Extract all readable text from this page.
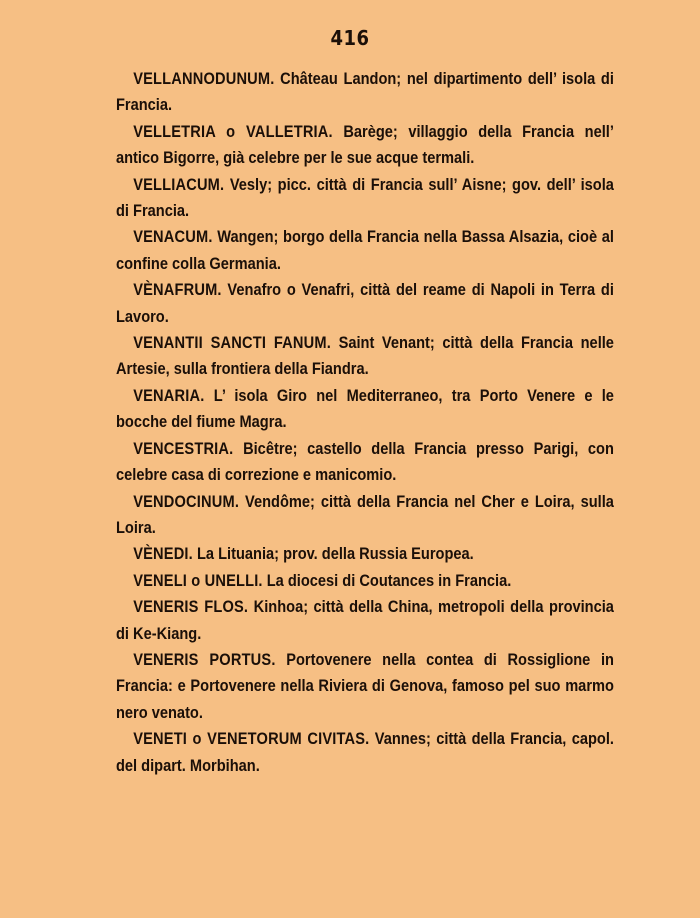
416

VELLANNODUNUM. Château Landon; nel dipartimento dell’ isola di Francia.

VELLETRIA o VALLETRIA. Barège; villaggio della Francia nell’ antico Bigorre, già celebre per le sue acque termali.

VELLIACUM. Vesly; picc. città di Francia sull’ Aisne; gov. dell’ isola di Francia.

VENACUM. Wangen; borgo della Francia nella Bassa Alsazia, cioè al confine colla Germania.

VÈNAFRUM. Venafro o Venafri, città del reame di Napoli in Terra di Lavoro.

VENANTII SANCTI FANUM. Saint Venant; città della Francia nelle Artesie, sulla frontiera della Fiandra.

VENARIA. L’ isola Giro nel Mediterraneo, tra Porto Venere e le bocche del fiume Magra.

VENCESTRIA. Bicêtre; castello della Francia presso Parigi, con celebre casa di correzione e manicomio.

VENDOCINUM. Vendôme; città della Francia nel Cher e Loira, sulla Loira.

VÈNEDI. La Lituania; prov. della Russia Europea.

VENELI o UNELLI. La diocesi di Coutances in Francia.

VENERIS FLOS. Kinhoa; città della China, metropoli della provincia di Ke-Kiang.

VENERIS PORTUS. Portovenere nella contea di Rossiglione in Francia: e Portovenere nella Riviera di Genova, famoso pel suo marmo nero venato.

VENETI o VENETORUM CIVITAS. Vannes; città della Francia, capol. del dipart. Morbihan.
